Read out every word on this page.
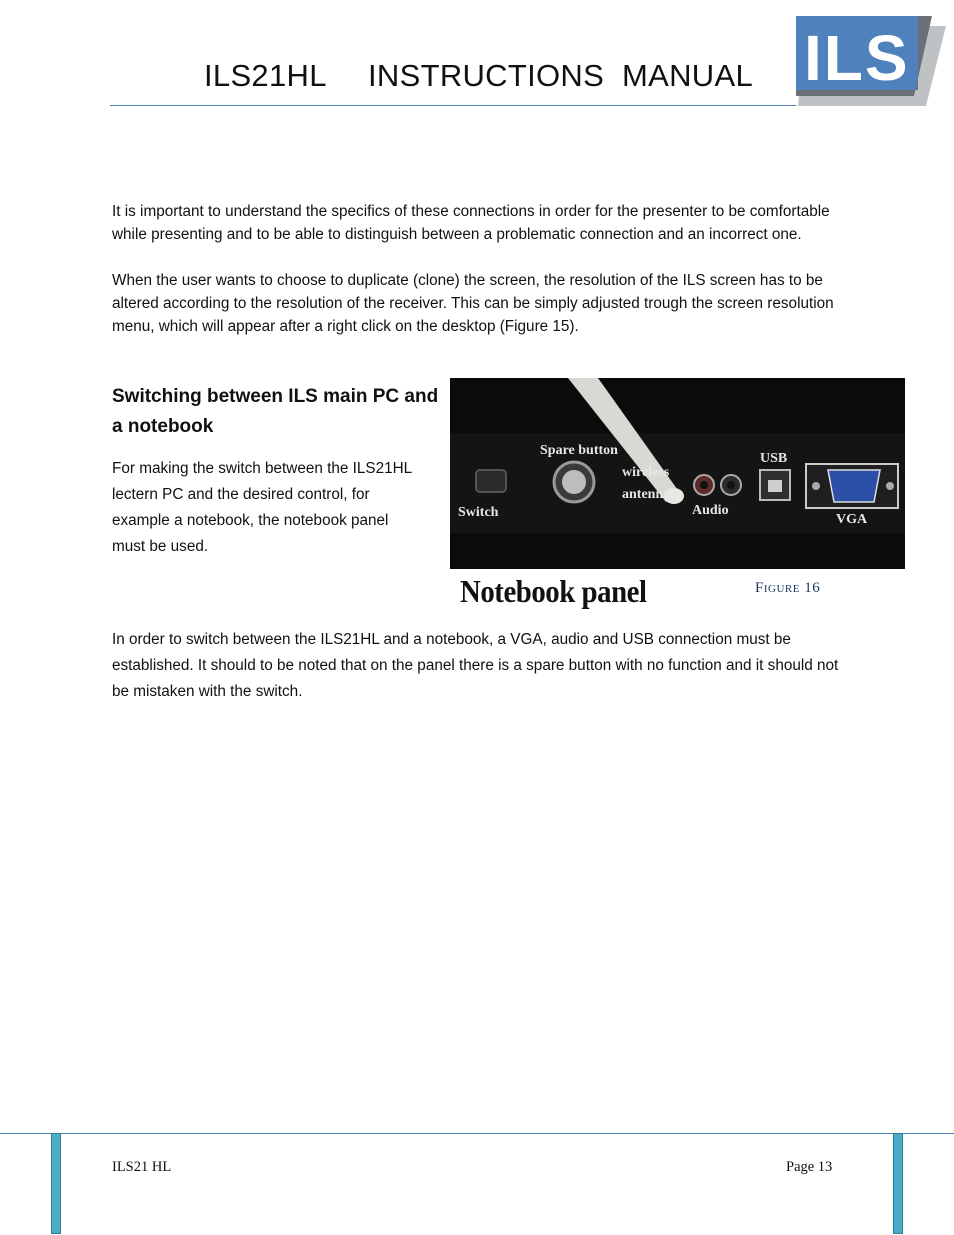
ILS21HL INSTRUCTIONS MANUAL ILS
It is important to understand the specifics of these connections in order for the presenter to be comfortable while presenting and to be able to distinguish between a problematic connection and an incorrect one.
When the user wants to choose to duplicate (clone) the screen, the resolution of the ILS screen has to be altered according to the resolution of the receiver. This can be simply adjusted trough the screen resolution menu, which will appear after a right click on the desktop (Figure 15).
Switching between ILS main PC and a notebook
For making the switch between the ILS21HL lectern PC and the desired control, for example a notebook, the notebook panel must be used.
Switch
Spare button
wireless
antenna
Audio
USB
VGA
Notebook panel	Figure 16
In order to switch between the ILS21HL and a notebook, a VGA, audio and USB connection must be established. It should to be noted that on the panel there is a spare button with no function and it should not be mistaken with the switch.
ILS21 HL	Page 13
